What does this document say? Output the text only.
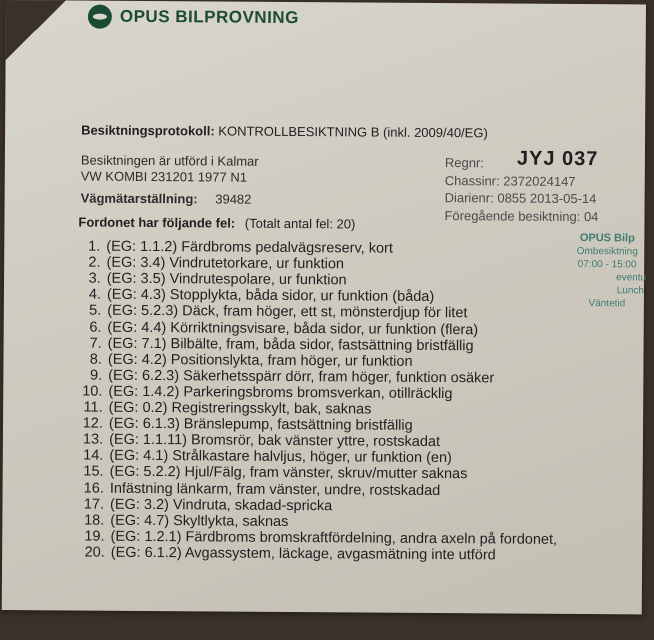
OPUS BILPROVNING
Besiktningsprotokoll: KONTROLLBESIKTNING B (inkl. 2009/40/EG)
Besiktningen är utförd i Kalmar
VW KOMBI 231201 1977 N1
Vägmätarställning: 39482
Regnr: JYJ 037
Chassinr: 2372024147
Diarienr: 0855 2013-05-14
Föregående besiktning: 04
Fordonet har följande fel: (Totalt antal fel: 20)
OPUS Bilp
Ombesiktning
07:00 - 15:00
eventu
Lunch
Väntetid
1. (EG: 1.1.2) Färdbroms pedalvägsreserv, kort
2. (EG: 3.4) Vindrutetorkare, ur funktion
3. (EG: 3.5) Vindrutespolare, ur funktion
4. (EG: 4.3) Stopplykta, båda sidor, ur funktion (båda)
5. (EG: 5.2.3) Däck, fram höger, ett st, mönsterdjup för litet
6. (EG: 4.4) Körriktningsvisare, båda sidor, ur funktion (flera)
7. (EG: 7.1) Bilbälte, fram, båda sidor, fastsättning bristfällig
8. (EG: 4.2) Positionslykta, fram höger, ur funktion
9. (EG: 6.2.3) Säkerhetsspärr dörr, fram höger, funktion osäker
10. (EG: 1.4.2) Parkeringsbroms bromsverkan, otillräcklig
11. (EG: 0.2) Registreringsskylt, bak, saknas
12. (EG: 6.1.3) Bränslepump, fastsättning bristfällig
13. (EG: 1.1.11) Bromsrör, bak vänster yttre, rostskadat
14. (EG: 4.1) Strålkastare halvljus, höger, ur funktion (en)
15. (EG: 5.2.2) Hjul/Fälg, fram vänster, skruv/mutter saknas
16. Infästning länkarm, fram vänster, undre, rostskadad
17. (EG: 3.2) Vindruta, skadad-spricka
18. (EG: 4.7) Skyltlykta, saknas
19. (EG: 1.2.1) Färdbroms bromskraftfördelning, andra axeln på fordonet,
20. (EG: 6.1.2) Avgassystem, läckage, avgasmätning inte utförd
